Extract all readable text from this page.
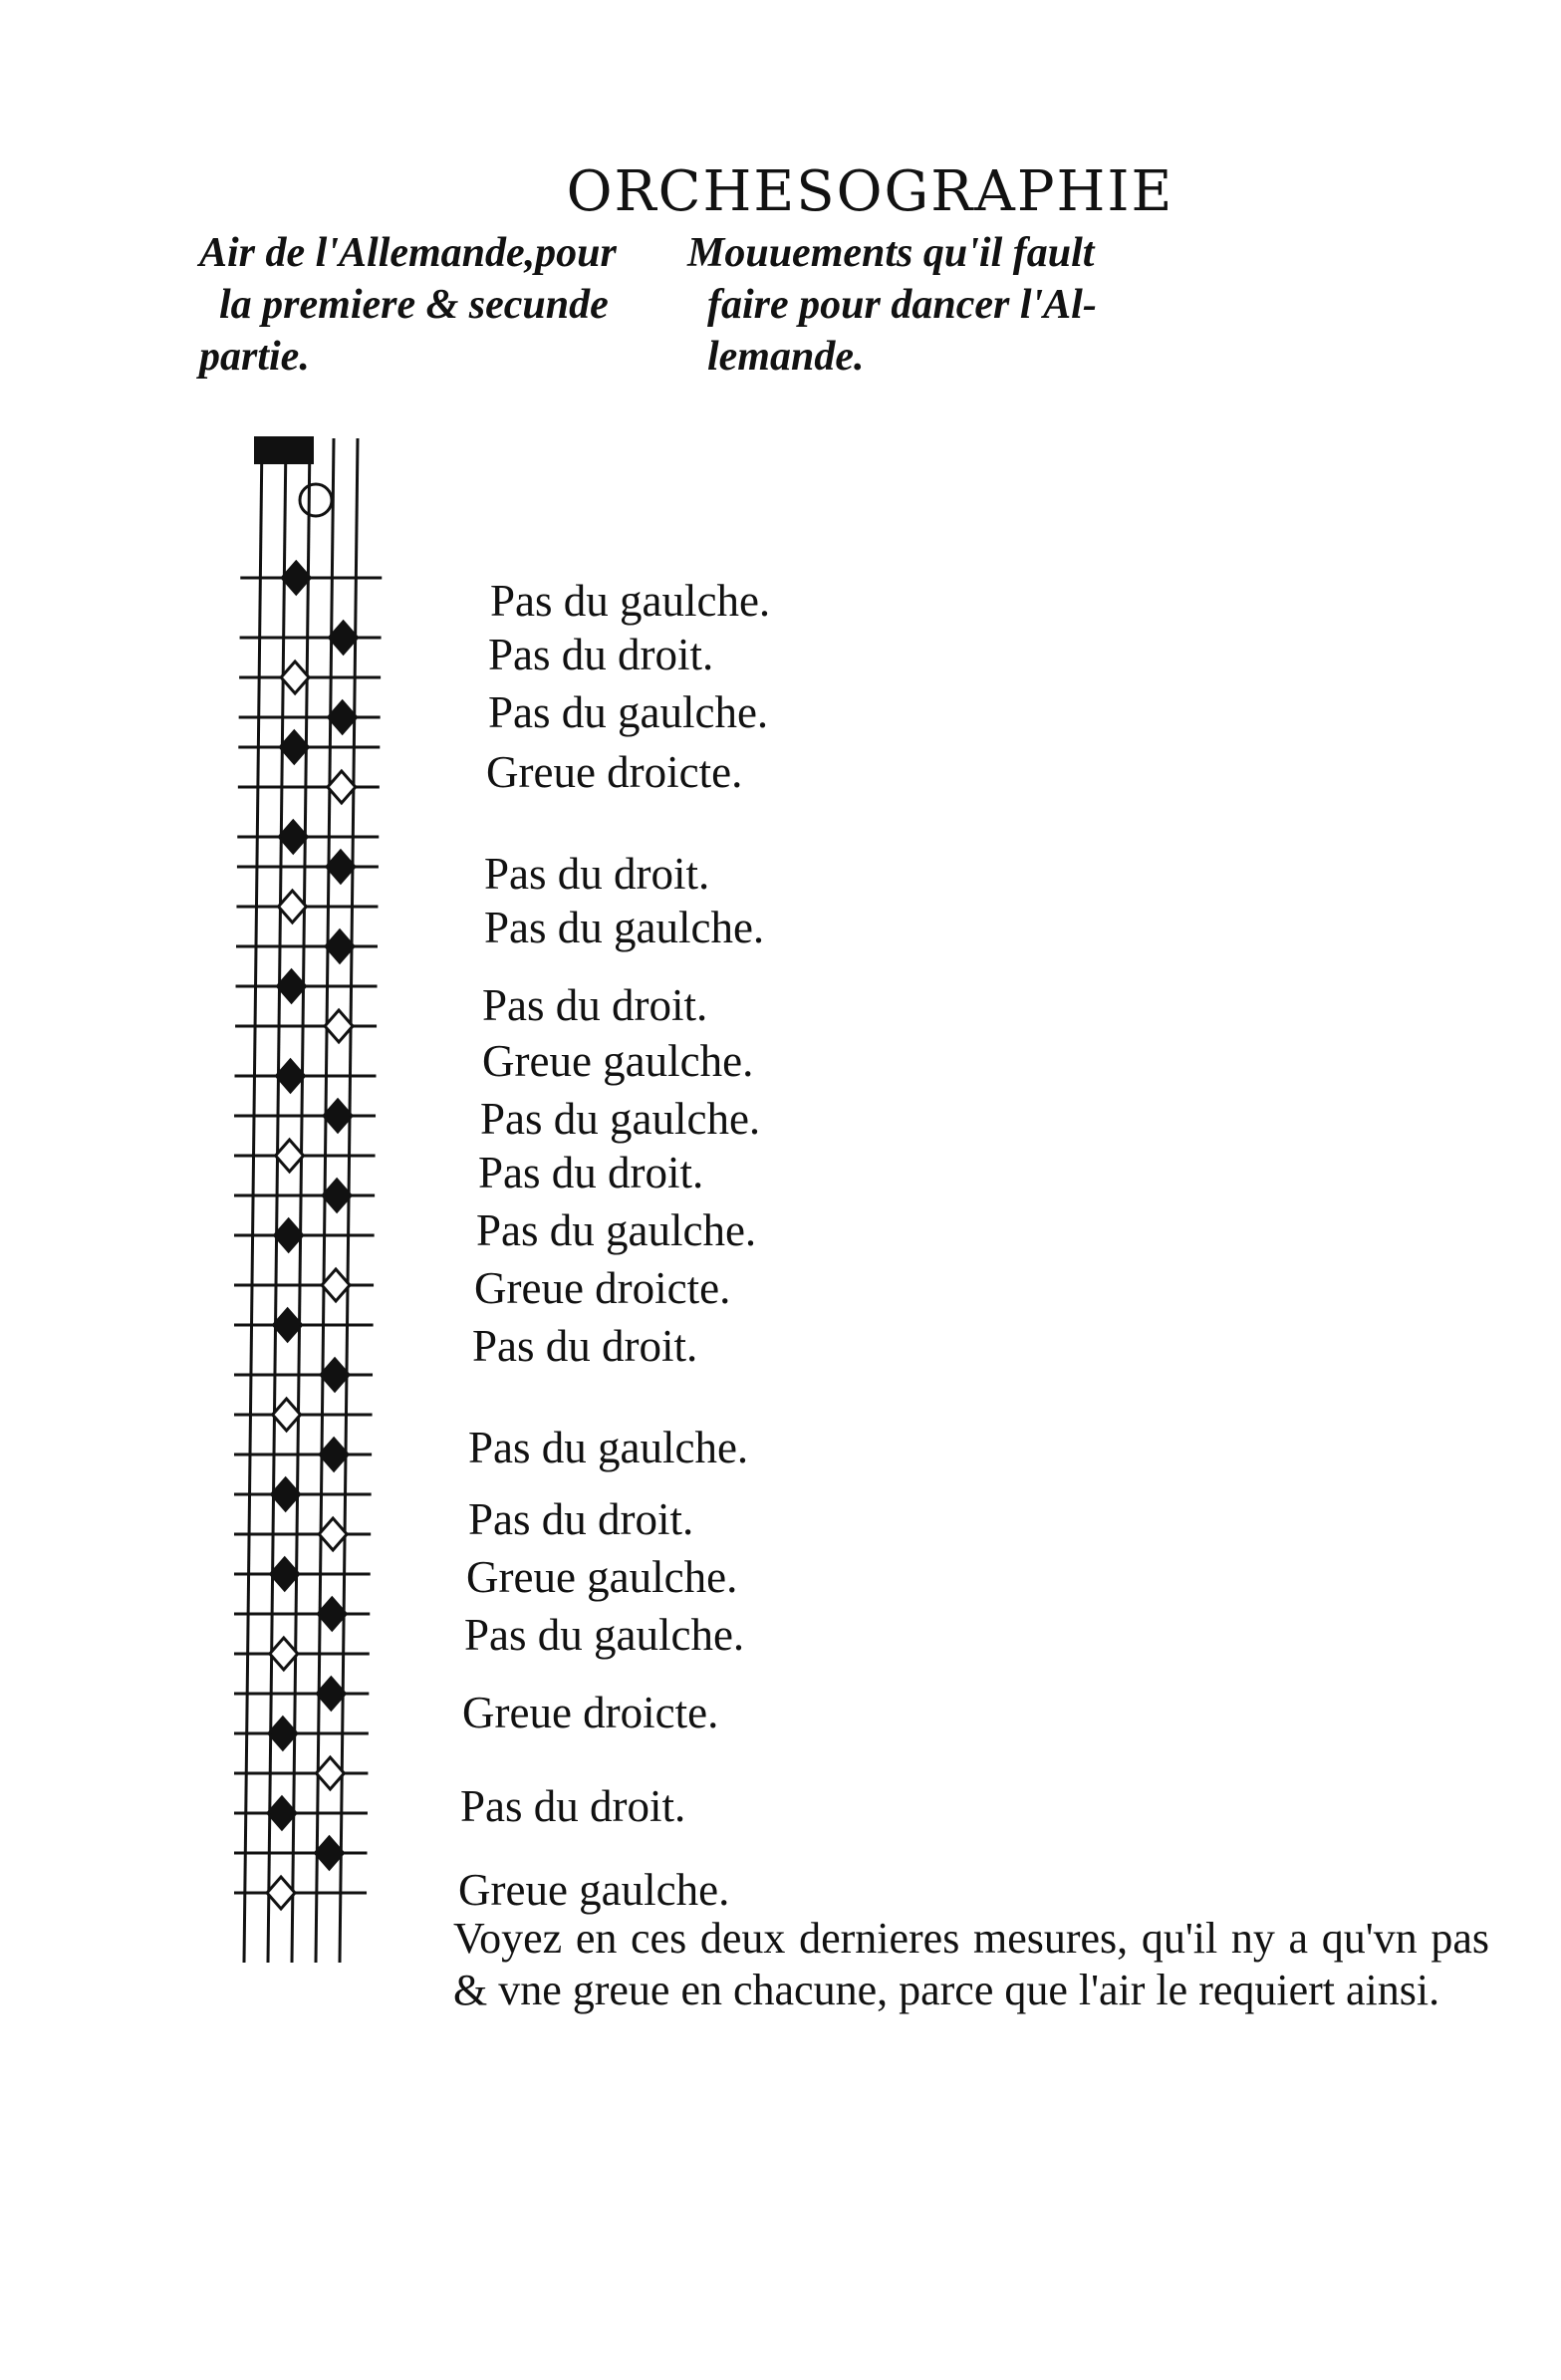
ORCHESOGRAPHIE
Air de l'Allemande,pour
la premiere & secunde
partie.
Mouuements qu'il fault
faire pour dancer l'Al-
lemande.
Pas du gaulche.
Pas du droit.
Pas du gaulche.
Greue droicte.
Pas du droit.
Pas du gaulche.
Pas du droit.
Greue gaulche.
Pas du gaulche.
Pas du droit.
Pas du gaulche.
Greue droicte.
Pas du droit.
Pas du gaulche.
Pas du droit.
Greue gaulche.
Pas du gaulche.
Greue droicte.
Pas du droit.
Greue gaulche.
Voyez en ces deux dernieres mesures, qu'il ny a qu'vn pas & vne greue en chacune, parce que l'air le requiert ainsi.
